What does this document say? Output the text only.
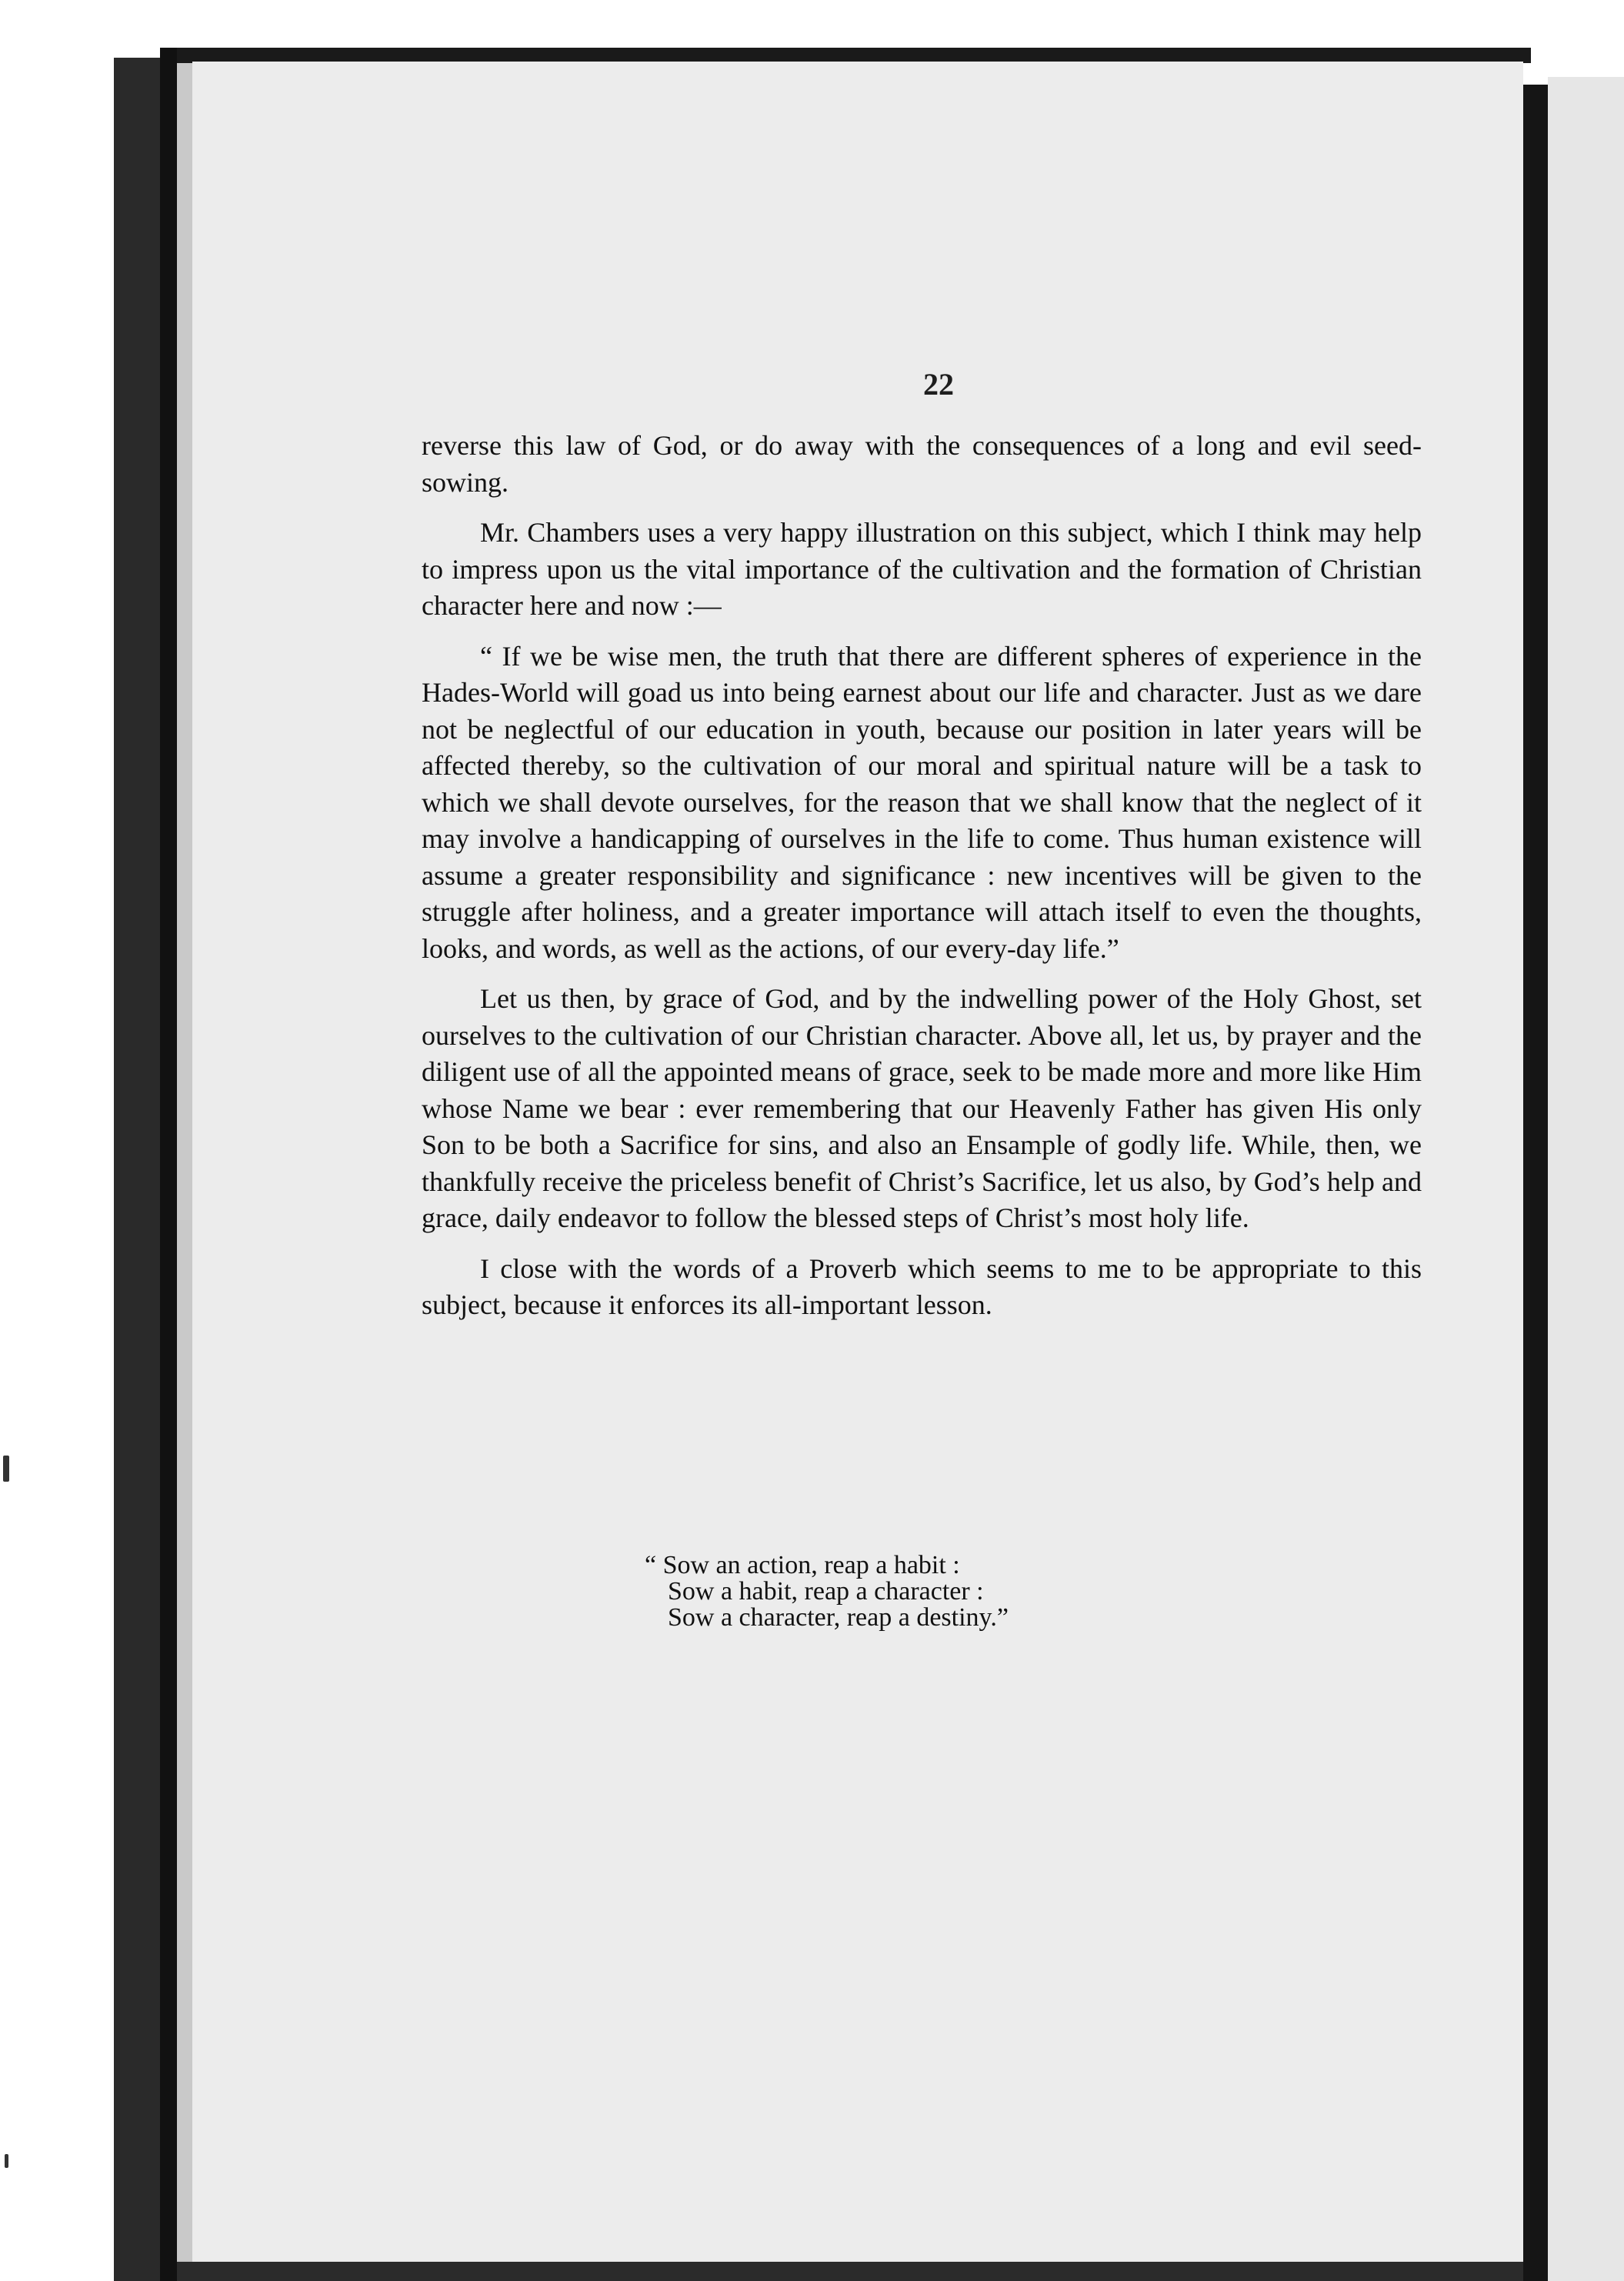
22

reverse this law of God, or do away with the consequences of a long and evil seed-sowing.

Mr. Chambers uses a very happy illustration on this subject, which I think may help to impress upon us the vital importance of the cultivation and the formation of Christian character here and now :—

“ If we be wise men, the truth that there are different spheres of experience in the Hades-World will goad us into being earnest about our life and character. Just as we dare not be neglectful of our education in youth, because our position in later years will be affected thereby, so the cultivation of our moral and spiritual nature will be a task to which we shall devote ourselves, for the reason that we shall know that the neglect of it may involve a handicapping of ourselves in the life to come. Thus human existence will assume a greater responsibility and significance : new incentives will be given to the struggle after holiness, and a greater importance will attach itself to even the thoughts, looks, and words, as well as the actions, of our every-day life.”

Let us then, by grace of God, and by the indwelling power of the Holy Ghost, set ourselves to the cultivation of our Christian character. Above all, let us, by prayer and the diligent use of all the appointed means of grace, seek to be made more and more like Him whose Name we bear : ever remembering that our Heavenly Father has given His only Son to be both a Sacrifice for sins, and also an Ensample of godly life. While, then, we thankfully receive the priceless benefit of Christ’s Sacrifice, let us also, by God’s help and grace, daily endeavor to follow the blessed steps of Christ’s most holy life.

I close with the words of a Proverb which seems to me to be appropriate to this subject, because it enforces its all-important lesson.

“ Sow an action, reap a habit :
Sow a habit, reap a character :
Sow a character, reap a destiny.”
